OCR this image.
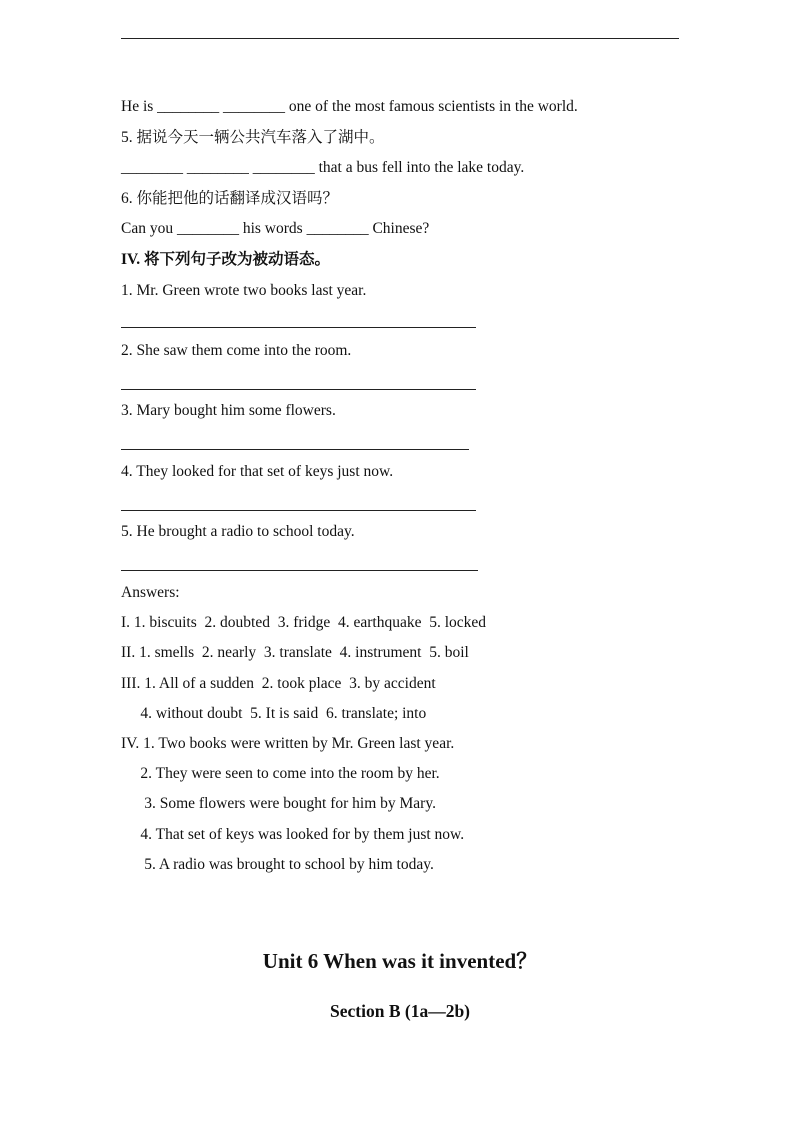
He is ________ ________ one of the most famous scientists in the world.
5. 据说今天一辆公共汽车落入了湖中。
________ ________ ________ that a bus fell into the lake today.
6. 你能把他的话翻译成汉语吗？
Can you ________ his words ________ Chinese?
IV. 将下列句子改为被动语态。
1. Mr. Green wrote two books last year.
2. She saw them come into the room.
3. Mary bought him some flowers.
4. They looked for that set of keys just now.
5. He brought a radio to school today.
Answers:
I. 1. biscuits  2. doubted  3. fridge  4. earthquake  5. locked
II. 1. smells  2. nearly  3. translate  4. instrument  5. boil
III. 1. All of a sudden  2. took place  3. by accident
4. without doubt  5. It is said  6. translate; into
IV. 1. Two books were written by Mr. Green last year.
2. They were seen to come into the room by her.
3. Some flowers were bought for him by Mary.
4. That set of keys was looked for by them just now.
5. A radio was brought to school by him today.
Unit 6 When was it invented？
Section B (1a—2b)
